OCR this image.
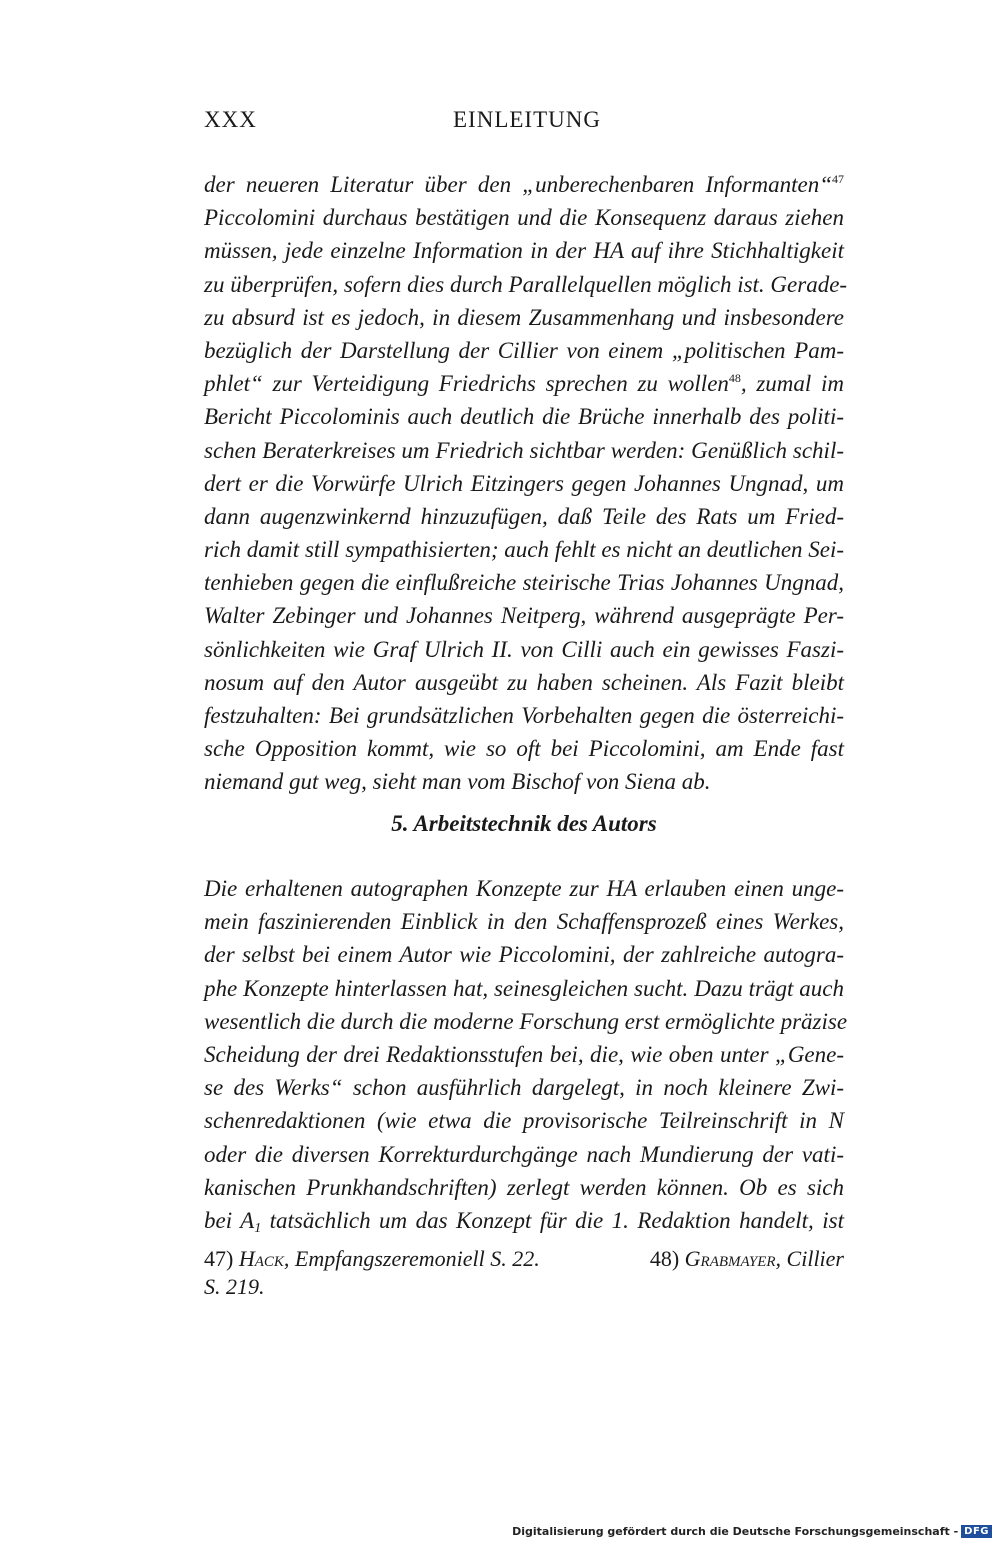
XXX	EINLEITUNG
der neueren Literatur über den „unberechenbaren Informanten“$^{47}$
Piccolomini durchaus bestätigen und die Konsequenz daraus ziehen
müssen, jede einzelne Information in der HA auf ihre Stichhaltigkeit
zu überprüfen, sofern dies durch Parallelquellen möglich ist. Gerade-
zu absurd ist es jedoch, in diesem Zusammenhang und insbesondere
bezüglich der Darstellung der Cillier von einem „politischen Pam-
phlet“ zur Verteidigung Friedrichs sprechen zu wollen$^{48}$, zumal im
Bericht Piccolominis auch deutlich die Brüche innerhalb des politi-
schen Beraterkreises um Friedrich sichtbar werden: Genüßlich schil-
dert er die Vorwürfe Ulrich Eitzingers gegen Johannes Ungnad, um
dann augenzwinkernd hinzuzufügen, daß Teile des Rats um Fried-
rich damit still sympathisierten; auch fehlt es nicht an deutlichen Sei-
tenhieben gegen die einflußreiche steirische Trias Johannes Ungnad,
Walter Zebinger und Johannes Neitperg, während ausgeprägte Per-
sönlichkeiten wie Graf Ulrich II. von Cilli auch ein gewisses Faszi-
nosum auf den Autor ausgeübt zu haben scheinen. Als Fazit bleibt
festzuhalten: Bei grundsätzlichen Vorbehalten gegen die österreichi-
sche Opposition kommt, wie so oft bei Piccolomini, am Ende fast
niemand gut weg, sieht man vom Bischof von Siena ab.
5. Arbeitstechnik des Autors
Die erhaltenen autographen Konzepte zur HA erlauben einen unge-
mein faszinierenden Einblick in den Schaffensprozeß eines Werkes,
der selbst bei einem Autor wie Piccolomini, der zahlreiche autogra-
phe Konzepte hinterlassen hat, seinesgleichen sucht. Dazu trägt auch
wesentlich die durch die moderne Forschung erst ermöglichte präzise
Scheidung der drei Redaktionsstufen bei, die, wie oben unter „Gene-
se des Werks“ schon ausführlich dargelegt, in noch kleinere Zwi-
schenredaktionen (wie etwa die provisorische Teilreinschrift in N
oder die diversen Korrekturdurchgänge nach Mundierung der vati-
kanischen Prunkhandschriften) zerlegt werden können. Ob es sich
bei $A_1$ tatsächlich um das Konzept für die 1. Redaktion handelt, ist
47) Hack, Empfangszeremoniell S. 22.	48) Grabmayer, Cillier
S. 219.
Digitalisierung gefördert durch die Deutsche Forschungsgemeinschaft - DFG
